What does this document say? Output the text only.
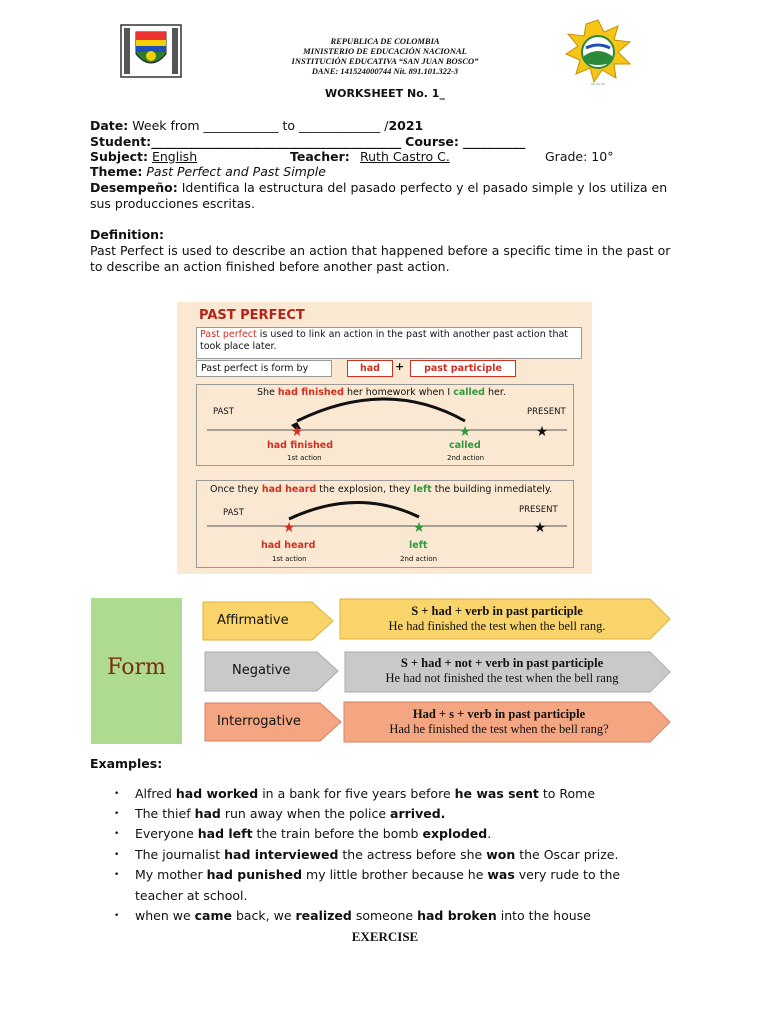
~~~
REPUBLICA DE COLOMBIA
MINISTERIO DE EDUCACIÓN NACIONAL
INSTITUCIÓN EDUCATIVA “SAN JUAN BOSCO”
DANE: 141524000744 Nit. 891.101.322-3
WORKSHEET No. 1_
Date: Week from ____________ to _____________ /2021
Student:________________________________________ Course: __________
Subject: English	Teacher: Ruth Castro C.	Grade: 10°
Theme: Past Perfect and Past Simple
Desempeño: Identifica la estructura del pasado perfecto y el pasado simple y los utiliza en sus producciones escritas.
Definition:
Past Perfect is used to describe an action that happened before a specific time in the past or to describe an action finished before another past action.
PAST PERFECT
Past perfect is used to link an action in the past with another past action that took place later.
Past perfect is form by	had	+	past participle
She had finished her homework when I called her.
PAST	PRESENT
★	★	★
had finished	called
1st action	2nd action
Once they had heard the explosion, they left the building inmediately.
PAST	PRESENT
★	★	★
had heard	left
1st action	2nd action
Form
Affirmative
S + had + verb in past participle
He had finished the test when the bell rang.
Negative	S + had + not + verb in past participle
He had not finished the test when the bell rang
Interrogative	Had + s + verb in past participle
Had he finished the test when the bell rang?
Examples:
• Alfred had worked in a bank for five years before he was sent to Rome
• The thief had run away when the police arrived.
• Everyone had left the train before the bomb exploded.
• The journalist had interviewed the actress before she won the Oscar prize.
• My mother had punished my little brother because he was very rude to the
teacher at school.
• when we came back, we realized someone had broken into the house
EXERCISE
